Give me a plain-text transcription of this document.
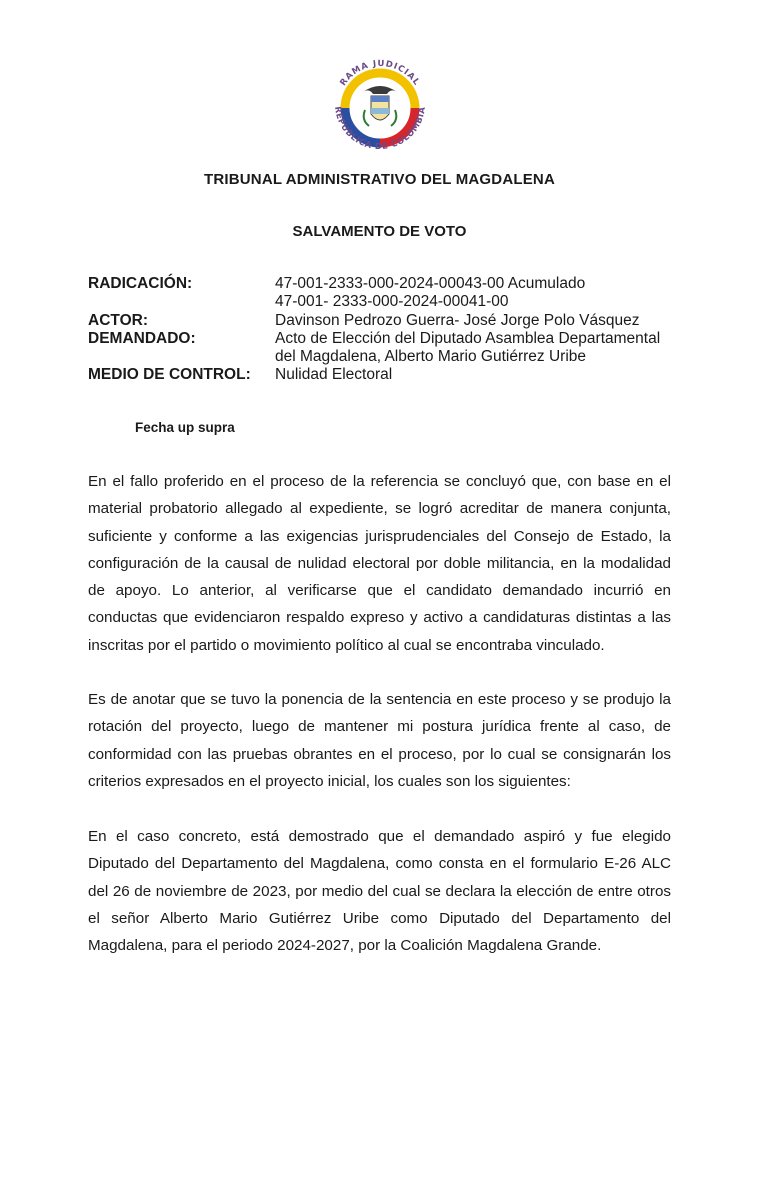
RAMA JUDICIAL
REPUBLICA DE COLOMBIA
TRIBUNAL ADMINISTRATIVO DEL MAGDALENA
SALVAMENTO DE VOTO
RADICACIÓN:	47-001-2333-000-2024-00043-00 Acumulado
47-001- 2333-000-2024-00041-00
ACTOR:	Davinson Pedrozo Guerra- José Jorge Polo Vásquez
DEMANDADO:	Acto de Elección del Diputado Asamblea Departamental
del Magdalena, Alberto Mario Gutiérrez Uribe
MEDIO DE CONTROL:	Nulidad Electoral
Fecha up supra

En el fallo proferido en el proceso de la referencia se concluyó que, con base en el material probatorio allegado al expediente, se logró acreditar de manera conjunta, suficiente y conforme a las exigencias jurisprudenciales del Consejo de Estado, la configuración de la causal de nulidad electoral por doble militancia, en la modalidad de apoyo. Lo anterior, al verificarse que el candidato demandado incurrió en conductas que evidenciaron respaldo expreso y activo a candidaturas distintas a las inscritas por el partido o movimiento político al cual se encontraba vinculado.

Es de anotar que se tuvo la ponencia de la sentencia en este proceso y se produjo la rotación del proyecto, luego de mantener mi postura jurídica frente al caso, de conformidad con las pruebas obrantes en el proceso, por lo cual se consignarán los criterios expresados en el proyecto inicial, los cuales son los siguientes:

En el caso concreto, está demostrado que el demandado aspiró y fue elegido Diputado del Departamento del Magdalena, como consta en el formulario E-26 ALC del 26 de noviembre de 2023, por medio del cual se declara la elección de entre otros el señor Alberto Mario Gutiérrez Uribe como Diputado del Departamento del Magdalena, para el periodo 2024-2027, por la Coalición Magdalena Grande.
